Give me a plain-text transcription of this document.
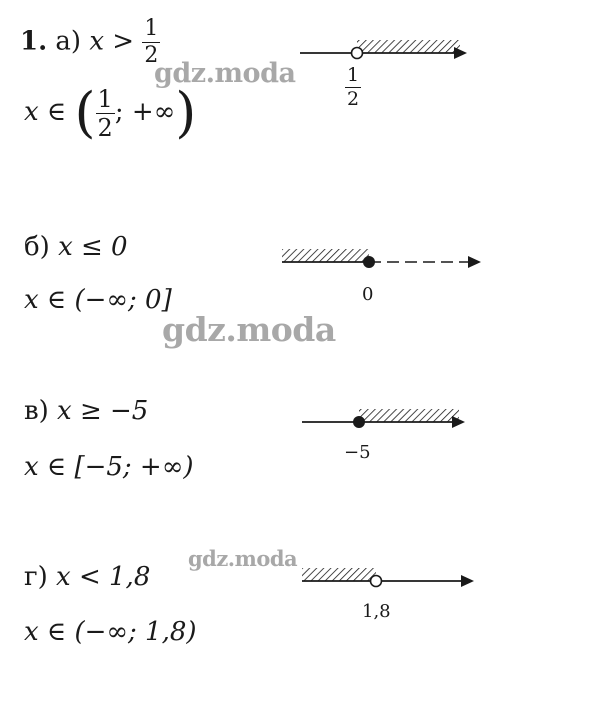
1. а) $x > \frac{1}{2}$
x ∈ ( $\frac{1}{2}$ ; +∞)	$\frac{1}{2}$
gdz.moda
б) x ≤ 0
x ∈ (−∞; 0]	0
gdz.moda
в) x ≥ −5
x ∈ [−5; +∞)	−5
gdz.moda
г) x < 1,8
x ∈ (−∞; 1,8)
1,8
